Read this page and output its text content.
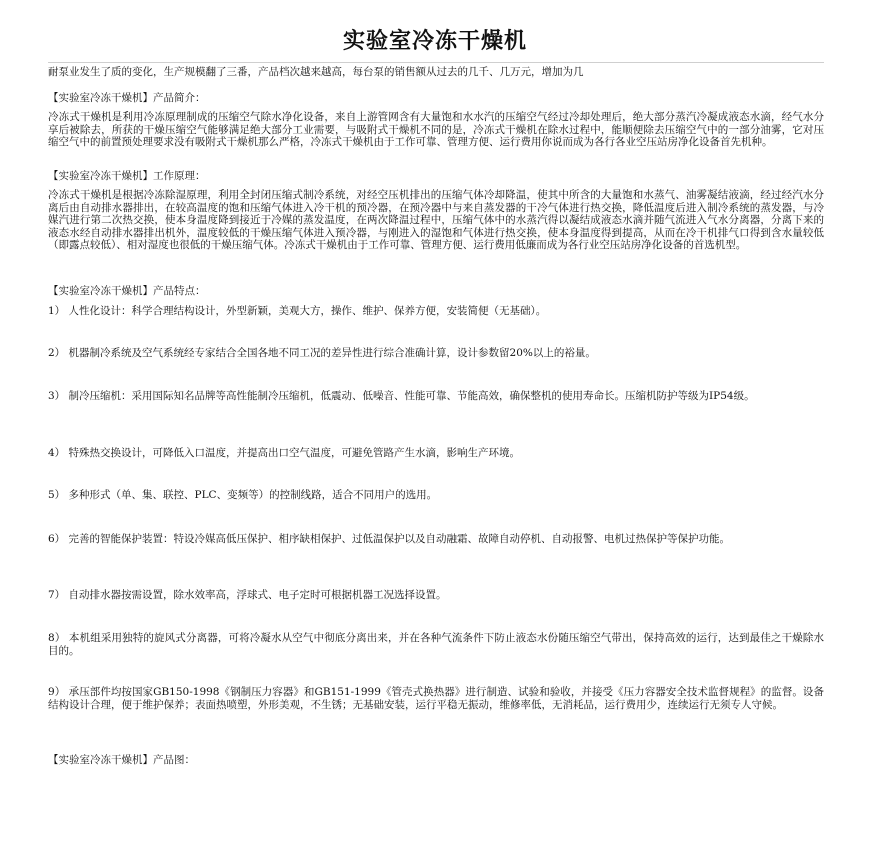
实验室冷冻干燥机
耐泵业发生了质的变化，生产规模翻了三番，产品档次越来越高，每台泵的销售额从过去的几千、几万元，增加为几
【实验室冷冻干燥机】产品简介：
冷冻式干燥机是利用冷冻原理制成的压缩空气除水净化设备，来自上游管网含有大量饱和水水汽的压缩空气经过冷却处理后，绝大部分蒸汽冷凝成液态水滴，经气水分享后被除去，所获的干燥压缩空气能够满足绝大部分工业需要，与吸附式干燥机不同的是，冷冻式干燥机在除水过程中，能顺便除去压缩空气中的一部分油雾，它对压缩空气中的前置预处理要求没有吸附式干燥机那么严格，冷冻式干燥机由于工作可靠、管理方便、运行费用你说而成为各行各业空压站房净化设备首先机种。
【实验室冷冻干燥机】工作原理：
冷冻式干燥机是根据冷冻除湿原理，利用全封闭压缩式制冷系统，对经空压机排出的压缩气体冷却降温，使其中所含的大量饱和水蒸气、油雾凝结液滴，经过经汽水分离后由自动排水器排出，在较高温度的饱和压缩气体进入冷干机的预冷器，在预冷器中与来自蒸发器的干冷气体进行热交换，降低温度后进入制冷系统的蒸发器，与冷媒汽进行第二次热交换，使本身温度降到接近于冷媒的蒸发温度，在两次降温过程中，压缩气体中的水蒸汽得以凝结成液态水滴并随气流进入气水分离器，分离下来的液态水经自动排水器排出机外，温度较低的干燥压缩气体进入预冷器，与刚进入的湿饱和气体进行热交换，使本身温度得到提高，从而在冷干机排气口得到含水量较低（即露点较低）、相对湿度也很低的干燥压缩气体。冷冻式干燥机由于工作可靠、管理方便、运行费用低廉而成为各行业空压站房净化设备的首选机型。
【实验室冷冻干燥机】产品特点：
1） 人性化设计：科学合理结构设计，外型新颖，美观大方，操作、维护、保养方便，安装简便（无基础）。
2） 机器制冷系统及空气系统经专家结合全国各地不同工况的差异性进行综合准确计算，设计参数留20%以上的裕量。
3） 制冷压缩机：采用国际知名品牌等高性能制冷压缩机，低震动、低噪音、性能可靠、节能高效，确保整机的使用寿命长。压缩机防护等级为IP54级。
4） 特殊热交换设计，可降低入口温度，并提高出口空气温度，可避免管路产生水滴，影响生产环境。
5） 多种形式（单、集、联控、PLC、变频等）的控制线路，适合不同用户的选用。
6） 完善的智能保护装置：特设冷媒高低压保护、相序缺相保护、过低温保护以及自动融霜、故障自动停机、自动报警、电机过热保护等保护功能。
7） 自动排水器按需设置，除水效率高，浮球式、电子定时可根据机器工况选择设置。
8） 本机组采用独特的旋风式分离器，可将冷凝水从空气中彻底分离出来，并在各种气流条件下防止液态水份随压缩空气带出，保持高效的运行，达到最佳之干燥除水目的。
9） 承压部件均按国家GB150-1998《钢制压力容器》和GB151-1999《管壳式换热器》进行制造、试验和验收，并接受《压力容器安全技术监督规程》的监督。设备结构设计合理，便于维护保养；表面热喷塑，外形美观，不生锈；无基础安装，运行平稳无振动，维修率低，无消耗品，运行费用少，连续运行无须专人守候。
【实验室冷冻干燥机】产品图：
